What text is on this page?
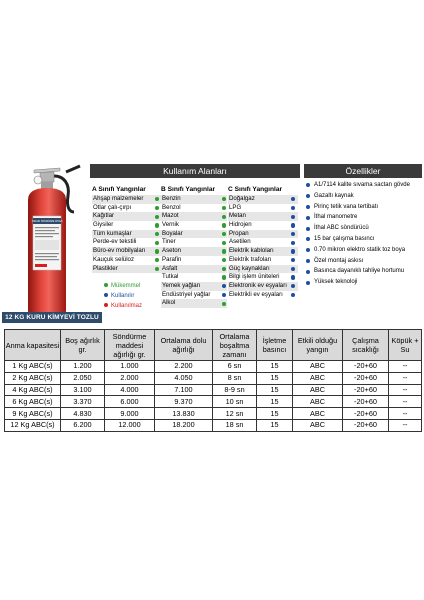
YANGIN SÖNDÜRME CİHAZI
12 KG KURU KİMYEVİ TOZLU
Kullanım Alanları
A Sınıfı Yangınlar
Ahşap malzemeler
Otlar çalı-çırpı
Kağıtlar
Giysiler
Tüm kumaşlar
Perde-ev tekstili
Büro-ev mobilyaları
Kauçuk selüloz
Plastikler
B Sınıfı Yangınlar
Benzin
Benzol
Mazot
Vernik
Boyalar
Tiner
Aseton
Parafin
Asfalt
Tutkal
Yemek yağları
Endüstriyel yağlar
Alkol
C Sınıfı Yangınlar
Doğalgaz
LPG
Metan
Hidrojen
Propan
Asetilen
Elektrik kabloları
Elektrik trafoları
Güç kaynakları
Bilgi işlem üniteleri
Elektronik ev eşyaları
Elektrikli ev eşyaları
Mükemmel
Kullanılır
Kullanılmaz
Özellikler
A1/7114 kalite sıvama sactan gövde
Gazaltı kaynak
Pirinç tetik vana tertibatı
İthal manometre
İthal ABC söndürücü
15 bar çalışma basıncı
0.70 mikron elektro statik toz boya
Özel montaj askısı
Basınca dayanıklı tahliye hortumu
Yüksek teknoloji
Anma kapasitesi	Boş ağırlık gr.	Söndürme maddesi ağırlığı gr.	Ortalama dolu ağırlığı	Ortalama boşaltma zamanı	İşletme basıncı	Etkili olduğu yangın	Çalışma sıcaklığı	Köpük + Su
1 Kg ABC(s)	1.200	1.000	2.200	6 sn	15	ABC	-20+60	--
2 Kg ABC(s)	2.050	2.000	4.050	8 sn	15	ABC	-20+60	--
4 Kg ABC(s)	3.100	4.000	7.100	8-9 sn	15	ABC	-20+60	--
6 Kg ABC(s)	3.370	6.000	9.370	10 sn	15	ABC	-20+60	--
9 Kg ABC(s)	4.830	9.000	13.830	12 sn	15	ABC	-20+60	--
12 Kg ABC(s)	6.200	12.000	18.200	18 sn	15	ABC	-20+60	--
